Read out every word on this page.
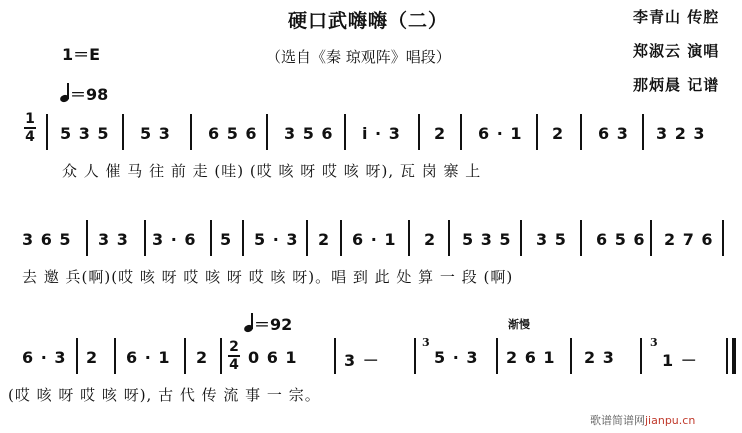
硬口武嗨嗨（二）
（选自《秦 琼观阵》唱段）
李青山 传腔
郑淑云 演唱
那炳晨 记谱
1＝E
＝98
1
4 5 3 5 5 3 6 5 6 3 5 6 i · 3 2 6 · 1 2 6 3 3 2 3
众 人 催 马 往 前 走 (哇) (哎 咳 呀 哎 咳 呀), 瓦 岗 寨 上
3 6 5 3 3 3 · 6 5 5 · 3 2 6 · 1 2 5 3 5 3 5 6 5 6 2 7 6
去 邀 兵(啊)(哎 咳 呀 哎 咳 呀 哎 咳 呀)。唱 到 此 处 算 一 段 (啊)
＝92	渐慢
2
4
6 · 3 2 6 · 1 2 0 6 1	3 －
3
5 · 3 2 6 1 2 3
3
1 －
(哎 咳 呀 哎 咳 呀), 古 代 传 流 事 一 宗。
歌谱简谱网jianpu.cn
